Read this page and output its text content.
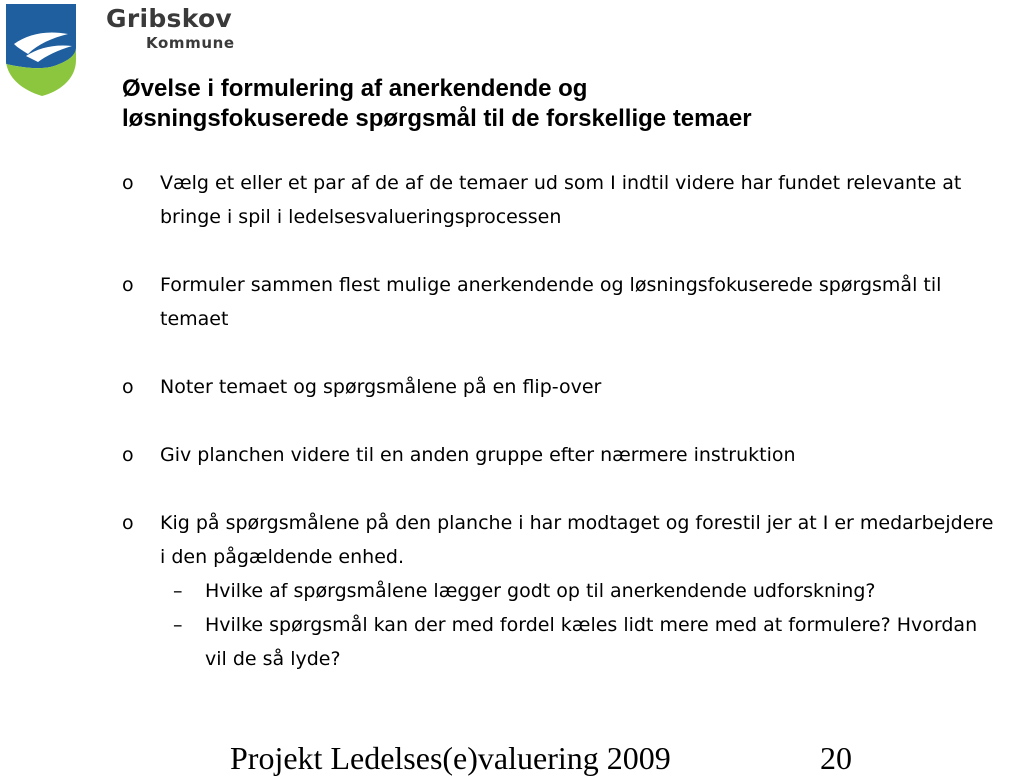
Gribskov
Kommune
Øvelse i formulering af anerkendende og
løsningsfokuserede spørgsmål til de forskellige temaer
o Vælg et eller et par af de af de temaer ud som I indtil videre har fundet relevante at bringe i spil i ledelsesvalueringsprocessen
o Formuler sammen flest mulige anerkendende og løsningsfokuserede spørgsmål til temaet
o Noter temaet og spørgsmålene på en flip-over
o Giv planchen videre til en anden gruppe efter nærmere instruktion
o Kig på spørgsmålene på den planche i har modtaget og forestil jer at I er medarbejdere i den pågældende enhed.
– Hvilke af spørgsmålene lægger godt op til anerkendende udforskning?
– Hvilke spørgsmål kan der med fordel kæles lidt mere med at formulere? Hvordan vil de så lyde?
Projekt Ledelses(e)valuering 2009	20
